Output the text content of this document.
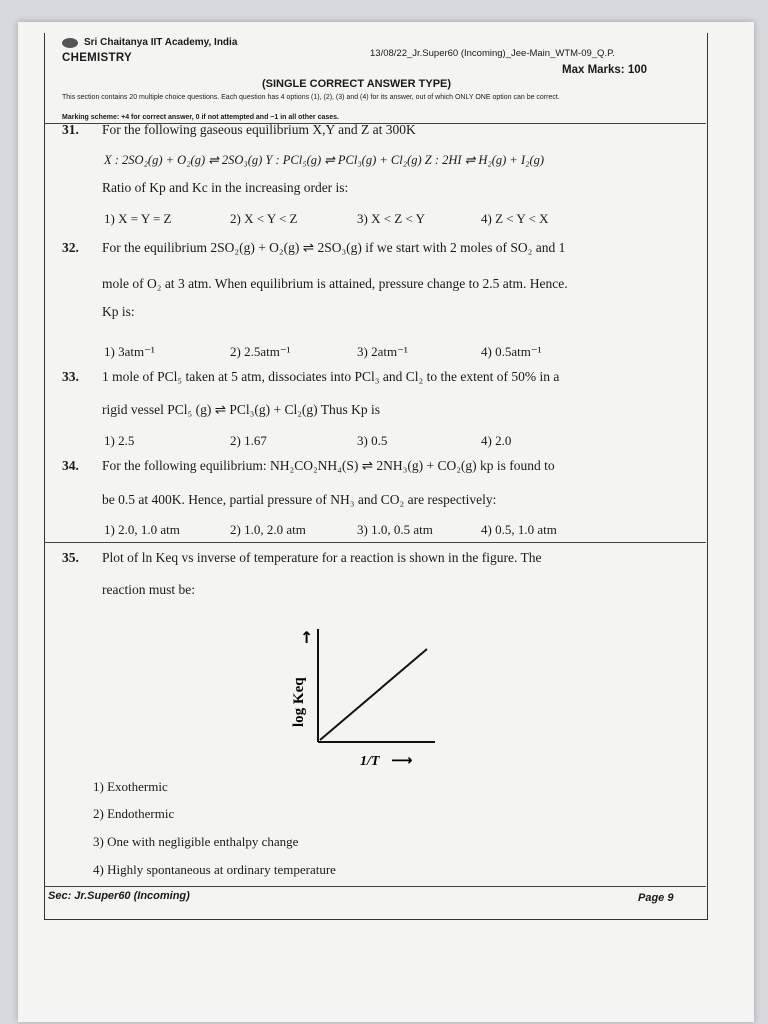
Sri Chaitanya IIT Academy, India
CHEMISTRY	13/08/22_Jr.Super60 (Incoming)_Jee-Main_WTM-09_Q.P.
Max Marks: 100
(SINGLE CORRECT ANSWER TYPE)
This section contains 20 multiple choice questions. Each question has 4 options (1), (2), (3) and (4) for its answer, out of which ONLY ONE option can be correct.
Marking scheme: +4 for correct answer, 0 if not attempted and −1 in all other cases.
31. For the following gaseous equilibrium X,Y and Z at 300K
X : 2SO₂(g) + O₂(g) ⇌ 2SO₃(g) Y : PCl₅(g) ⇌ PCl₃(g) + Cl₂(g) Z : 2HI ⇌ H₂(g) + I₂(g)
Ratio of Kp and Kc in the increasing order is:
1) X = Y = Z	2) X < Y < Z	3) X < Z < Y	4) Z < Y < X
32. For the equilibrium 2SO₂(g) + O₂(g) ⇌ 2SO₃(g) if we start with 2 moles of SO₂ and 1
mole of O₂ at 3 atm. When equilibrium is attained, pressure change to 2.5 atm. Hence.
Kp is:
1) 3atm⁻¹	2) 2.5atm⁻¹	3) 2atm⁻¹	4) 0.5atm⁻¹
33. 1 mole of PCl₅ taken at 5 atm, dissociates into PCl₃ and Cl₂ to the extent of 50% in a
rigid vessel PCl₅ (g) ⇌ PCl₃(g) + Cl₂(g) Thus Kp is
1) 2.5	2) 1.67	3) 0.5	4) 2.0
34. For the following equilibrium: NH₂CO₂NH₄(S) ⇌ 2NH₃(g) + CO₂(g) kp is found to
be 0.5 at 400K. Hence, partial pressure of NH₃ and CO₂ are respectively:
1) 2.0, 1.0 atm	2) 1.0, 2.0 atm	3) 1.0, 0.5 atm	4) 0.5, 1.0 atm
35. Plot of ln Keq vs inverse of temperature for a reaction is shown in the figure. The
reaction must be:
log Keq
↑
1/T ⟶
1) Exothermic
2) Endothermic
3) One with negligible enthalpy change
4) Highly spontaneous at ordinary temperature
Sec: Jr.Super60 (Incoming)	Page 9
